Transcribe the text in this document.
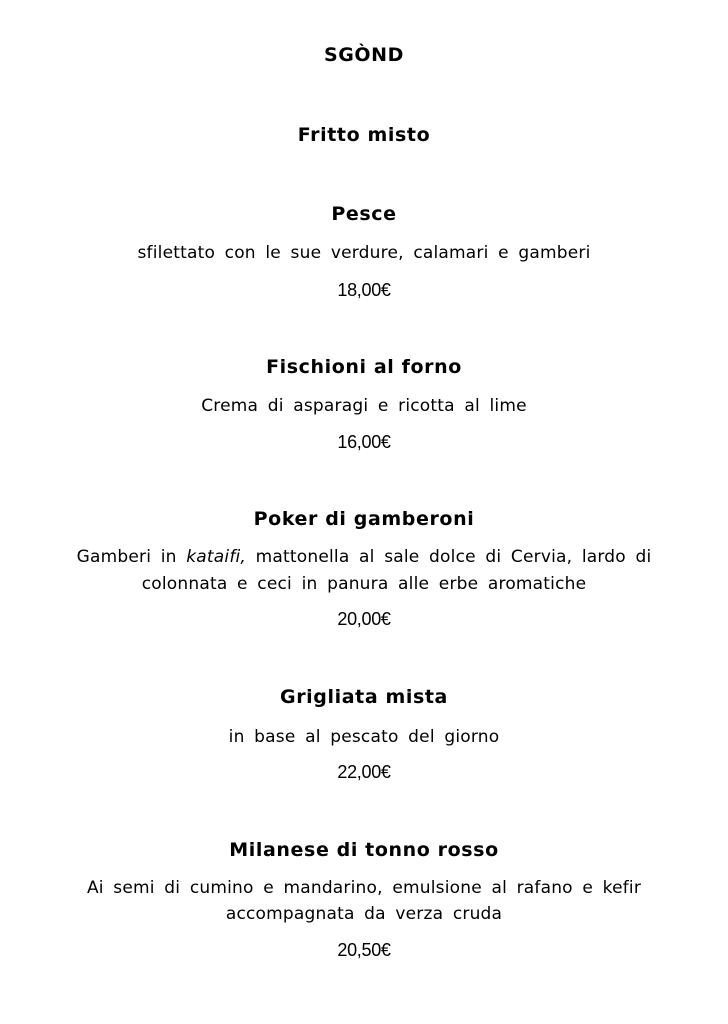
SGÒND
Fritto misto
Pesce
sfilettato con le sue verdure, calamari e gamberi
18,00€
Fischioni al forno
Crema di asparagi e ricotta al lime
16,00€
Poker di gamberoni
Gamberi in kataifi, mattonella al sale dolce di Cervia, lardo di
colonnata e ceci in panura alle erbe aromatiche
20,00€
Grigliata mista
in base al pescato del giorno
22,00€
Milanese di tonno rosso
Ai semi di cumino e mandarino, emulsione al rafano e kefir
accompagnata da verza cruda
20,50€
